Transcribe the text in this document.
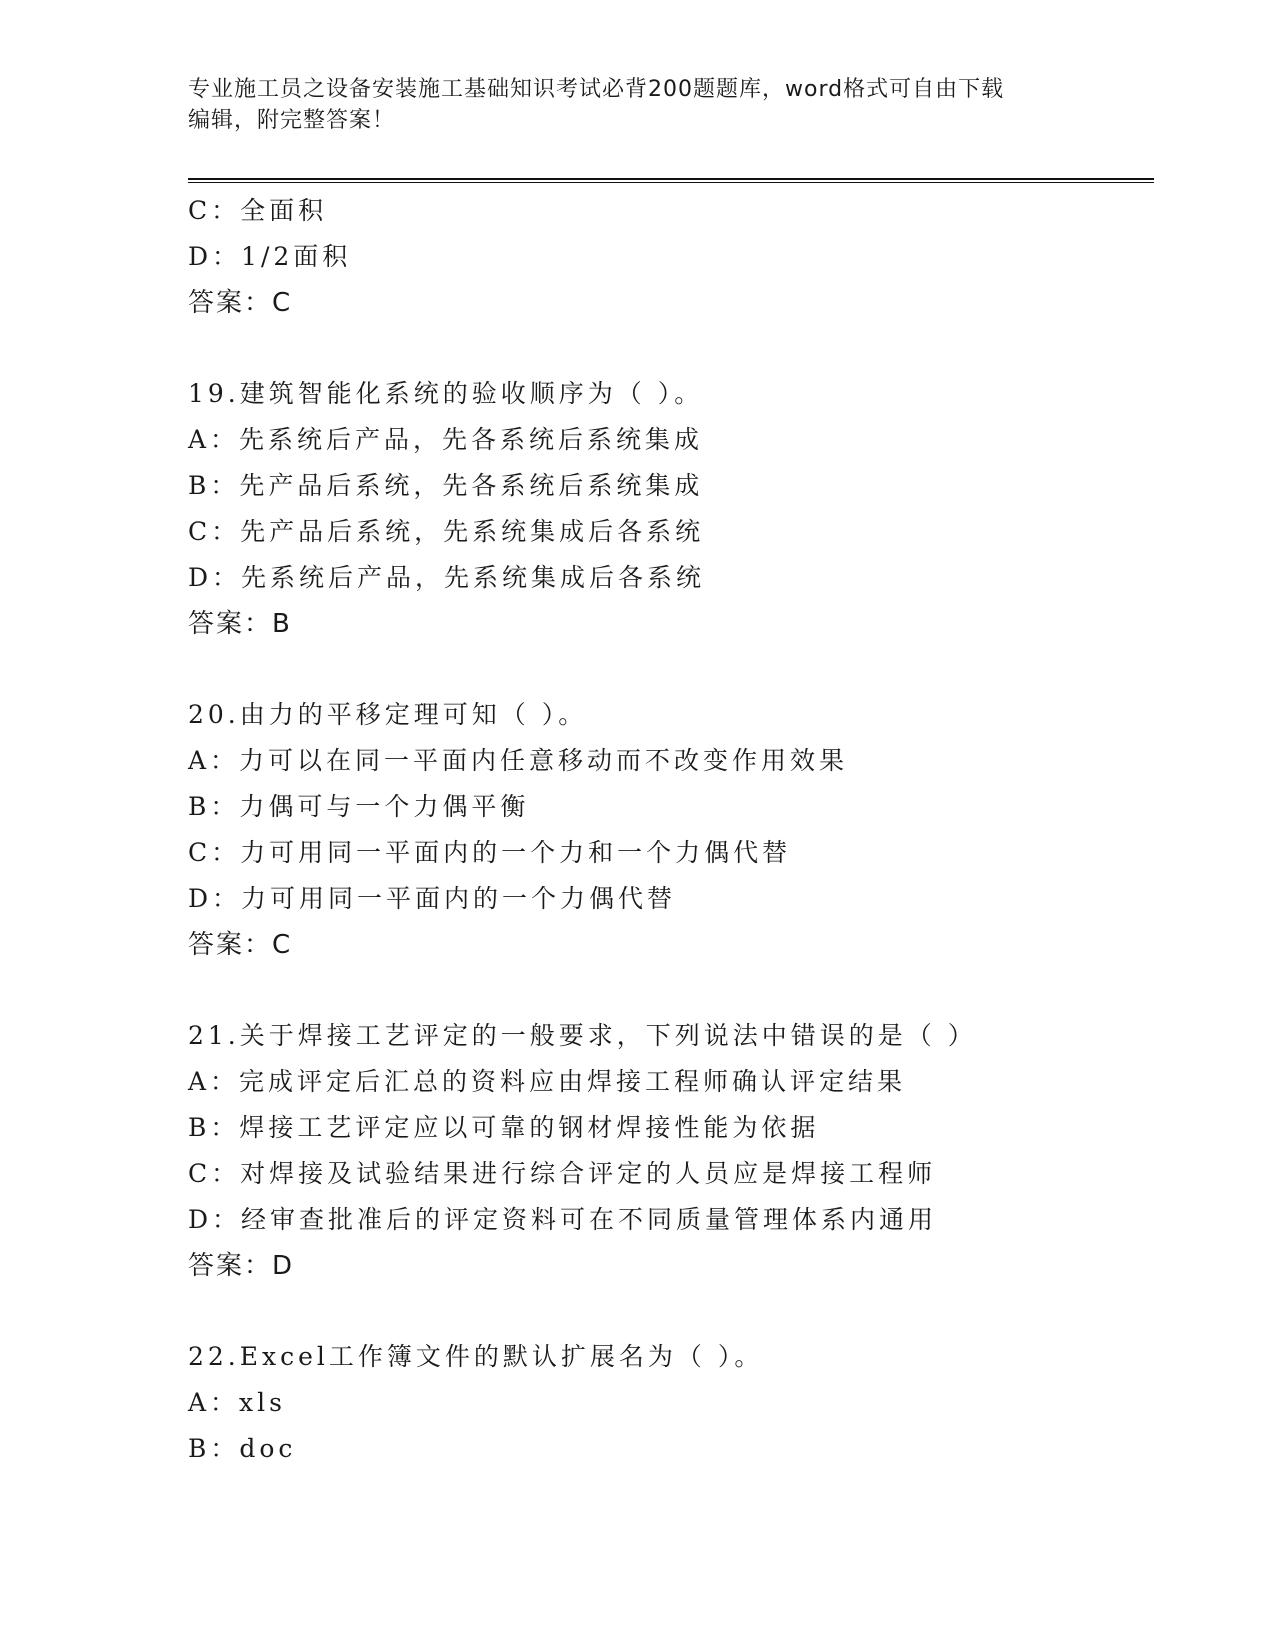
专业施工员之设备安装施工基础知识考试必背200题题库，word格式可自由下载
编辑，附完整答案！
C：全面积
D：1/2面积
答案：C
19.建筑智能化系统的验收顺序为（ ）。
A：先系统后产品，先各系统后系统集成
B：先产品后系统，先各系统后系统集成
C：先产品后系统，先系统集成后各系统
D：先系统后产品，先系统集成后各系统
答案：B
20.由力的平移定理可知（ ）。
A：力可以在同一平面内任意移动而不改变作用效果
B：力偶可与一个力偶平衡
C：力可用同一平面内的一个力和一个力偶代替
D：力可用同一平面内的一个力偶代替
答案：C
21.关于焊接工艺评定的一般要求，下列说法中错误的是（ ）
A：完成评定后汇总的资料应由焊接工程师确认评定结果
B：焊接工艺评定应以可靠的钢材焊接性能为依据
C：对焊接及试验结果进行综合评定的人员应是焊接工程师
D：经审查批准后的评定资料可在不同质量管理体系内通用
答案：D
22.Excel工作簿文件的默认扩展名为（ ）。
A：xls
B：doc
